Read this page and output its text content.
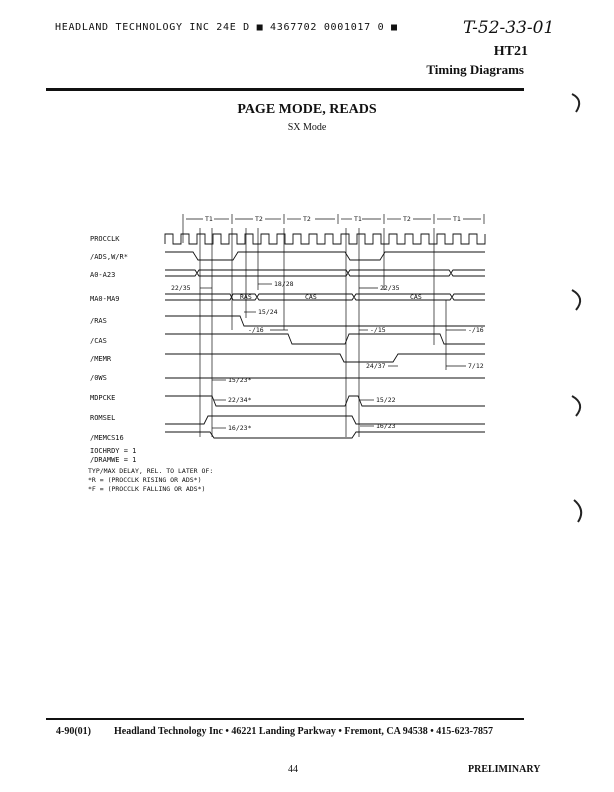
HEADLAND TECHNOLOGY INC 24E D ■ 4367702 0001017 0 ■	T-52-33-01
HT21
Timing Diagrams
PAGE MODE, READS
SX Mode
T1	T2	T2	T1	T2	T1
RAS	CAS	CAS
22/35	18/28	22/35
15/24
-/16	-/15	-/16
24/37	7/12
15/23*
22/34*	15/22
16/23*	16/23
PROCCLK
/ADS,W/R*
A0-A23
MA0-MA9
/RAS
/CAS
/MEMR
/0WS
MDPCKE
ROMSEL
/MEMCS16
IOCHRDY = 1
/DRAMWE = 1
TYP/MAX DELAY, REL. TO LATER OF:
*R = (PROCCLK RISING OR ADS*)
*F = (PROCCLK FALLING OR ADS*)
4-90(01) Headland Technology Inc • 46221 Landing Parkway • Fremont, CA 94538 • 415-623-7857
44	PRELIMINARY
